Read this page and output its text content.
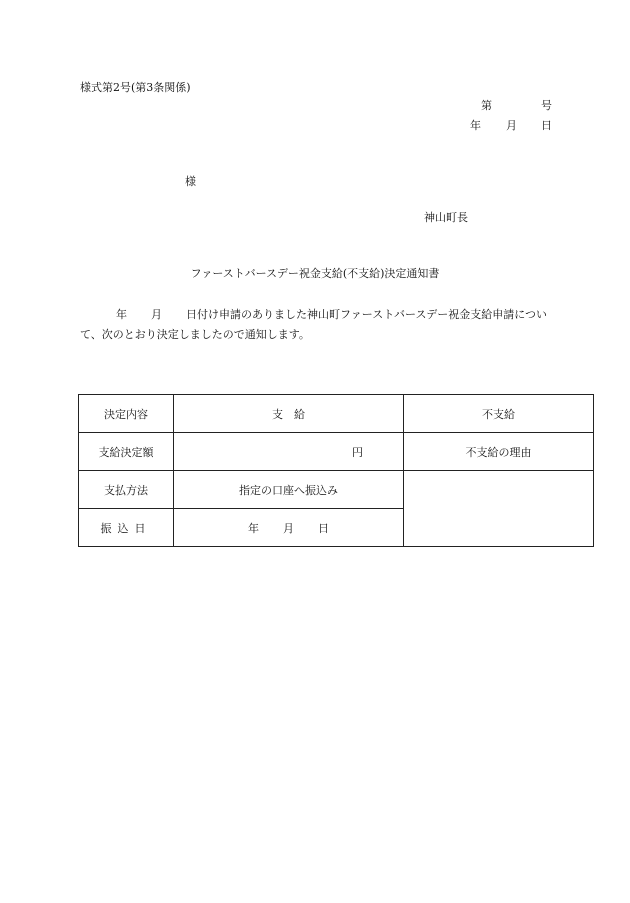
様式第2号(第3条関係)
第	号
年 月 日
様
神山町長
ファーストバースデー祝金支給(不支給)決定通知書
年 月 日付け申請のありました神山町ファーストバースデー祝金支給申請について、次のとおり決定しましたので通知します。
決定内容	支　給	不支給
支給決定額	円	不支給の理由
支払方法	指定の口座へ振込み	
振込日	年 月 日	
